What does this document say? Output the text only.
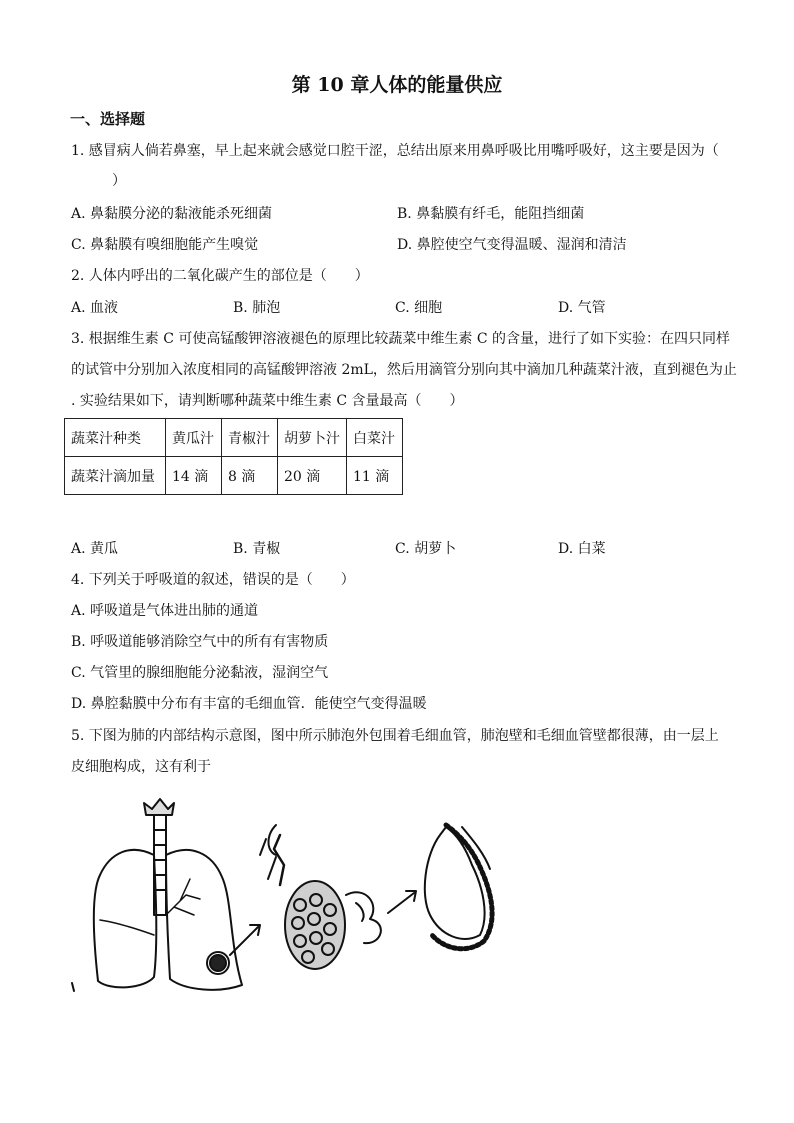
第 10 章人体的能量供应
一、选择题
1. 感冒病人倘若鼻塞，早上起来就会感觉口腔干涩，总结出原来用鼻呼吸比用嘴呼吸好，这主要是因为（
）
A. 鼻黏膜分泌的黏液能杀死细菌	B. 鼻黏膜有纤毛，能阻挡细菌
C. 鼻黏膜有嗅细胞能产生嗅觉	D. 鼻腔使空气变得温暖、湿润和清洁
2. 人体内呼出的二氧化碳产生的部位是（　　）
A. 血液	B. 肺泡	C. 细胞	D. 气管
3. 根据维生素 C 可使高锰酸钾溶液褪色的原理比较蔬菜中维生素 C 的含量，进行了如下实验：在四只同样
的试管中分别加入浓度相同的高锰酸钾溶液 2mL，然后用滴管分别向其中滴加几种蔬菜汁液，直到褪色为止
. 实验结果如下，请判断哪种蔬菜中维生素 C 含量最高（　　）
蔬菜汁种类	黄瓜汁	青椒汁	胡萝卜汁	白菜汁
蔬菜汁滴加量	14 滴	8 滴	20 滴	11 滴
A. 黄瓜	B. 青椒	C. 胡萝卜	D. 白菜
4. 下列关于呼吸道的叙述，错误的是（　　）
A. 呼吸道是气体进出肺的通道
B. 呼吸道能够消除空气中的所有有害物质
C. 气管里的腺细胞能分泌黏液，湿润空气
D. 鼻腔黏膜中分布有丰富的毛细血管．能使空气变得温暖
5. 下图为肺的内部结构示意图，图中所示肺泡外包围着毛细血管，肺泡壁和毛细血管壁都很薄，由一层上
皮细胞构成，这有利于
